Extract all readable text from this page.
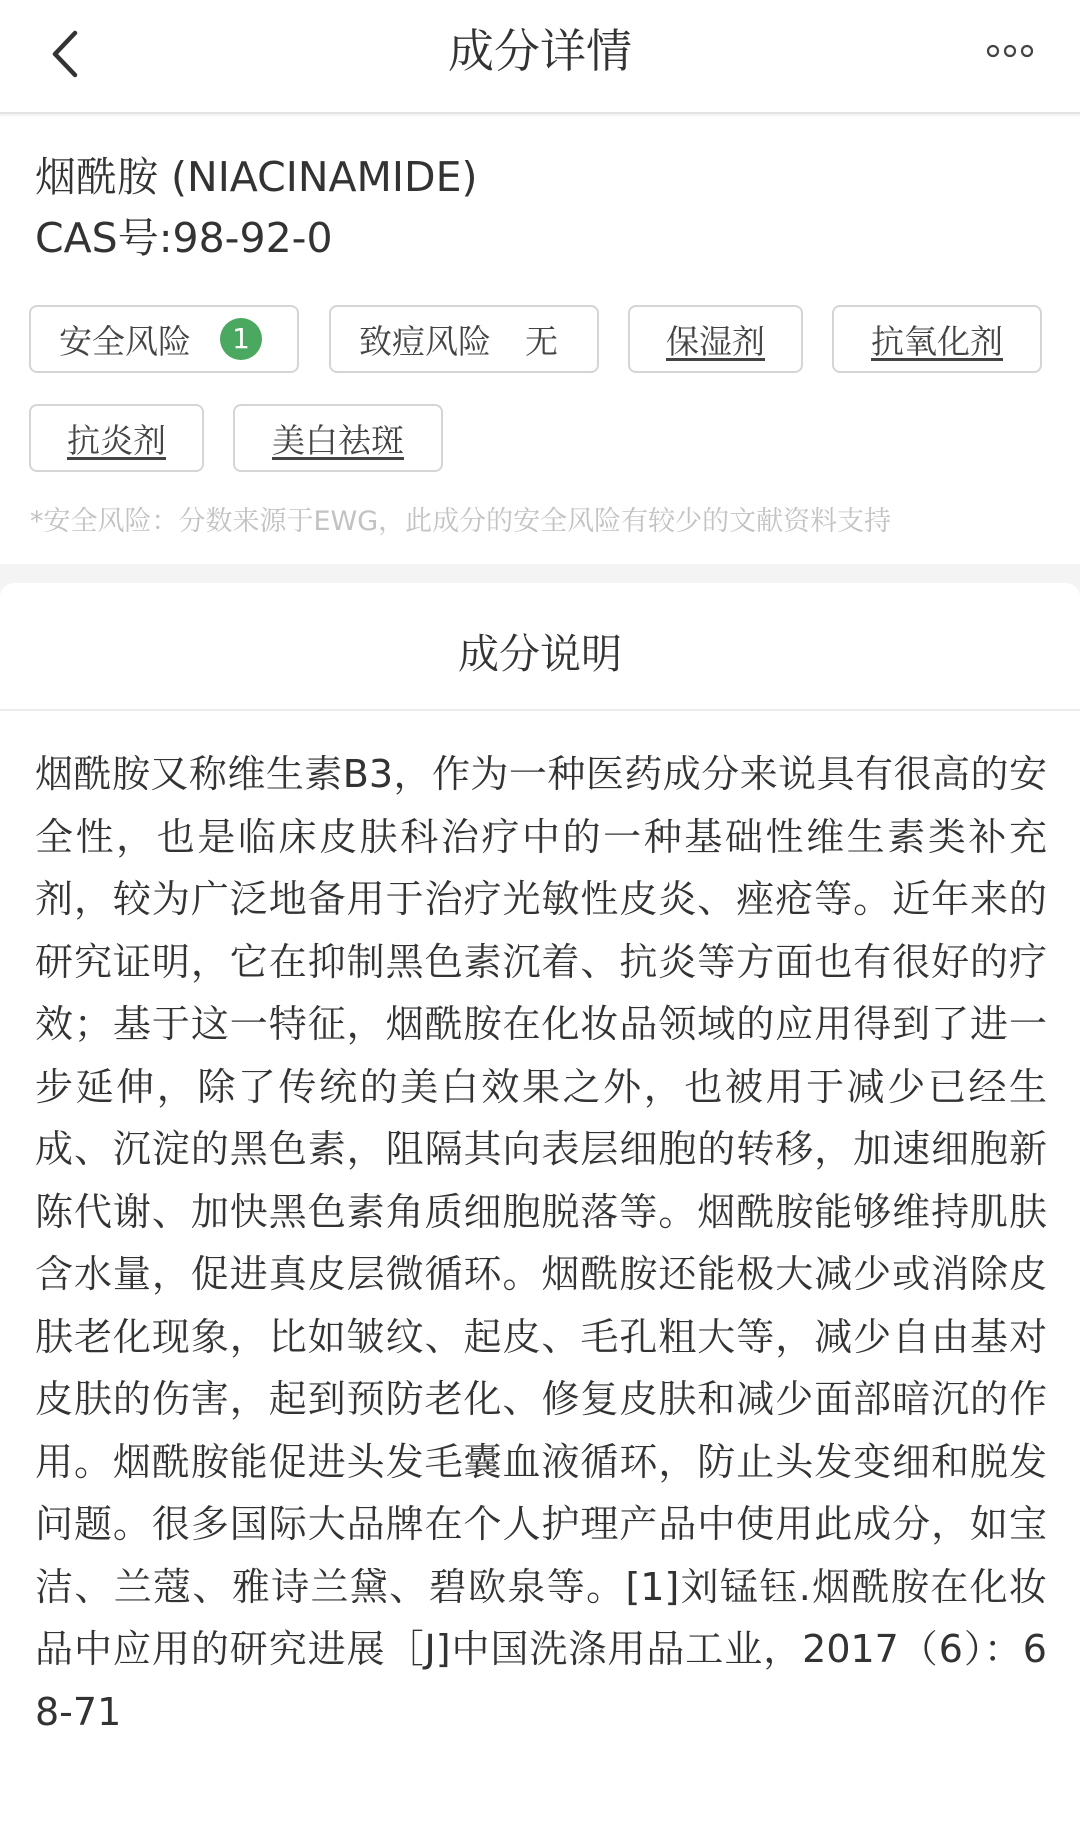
成分详情
烟酰胺 (NIACINAMIDE)
CAS号:98-92-0
安全风险	1	致痘风险 无	保湿剂	抗氧化剂
抗炎剂	美白祛斑
*安全风险：分数来源于EWG，此成分的安全风险有较少的文献资料支持
成分说明
烟酰胺又称维生素B3，作为一种医药成分来说具有很高的安全性，也是临床皮肤科治疗中的一种基础性维生素类补充剂，较为广泛地备用于治疗光敏性皮炎、痤疮等。近年来的研究证明，它在抑制黑色素沉着、抗炎等方面也有很好的疗效；基于这一特征，烟酰胺在化妆品领域的应用得到了进一步延伸，除了传统的美白效果之外，也被用于减少已经生成、沉淀的黑色素，阻隔其向表层细胞的转移，加速细胞新陈代谢、加快黑色素角质细胞脱落等。烟酰胺能够维持肌肤含水量，促进真皮层微循环。烟酰胺还能极大减少或消除皮肤老化现象，比如皱纹、起皮、毛孔粗大等，减少自由基对皮肤的伤害，起到预防老化、修复皮肤和减少面部暗沉的作用。烟酰胺能促进头发毛囊血液循环，防止头发变细和脱发问题。很多国际大品牌在个人护理产品中使用此成分，如宝洁、兰蔻、雅诗兰黛、碧欧泉等。[1]刘锰钰.烟酰胺在化妆品中应用的研究进展［J]中国洗涤用品工业，2017（6）：68-71
